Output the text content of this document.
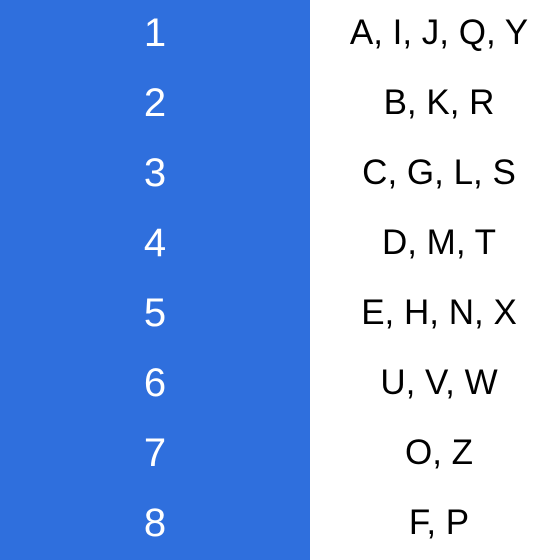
1	A, I, J, Q, Y
2	B, K, R
3	C, G, L, S
4	D, M, T
5	E, H, N, X
6	U, V, W
7	O, Z
8	F, P
